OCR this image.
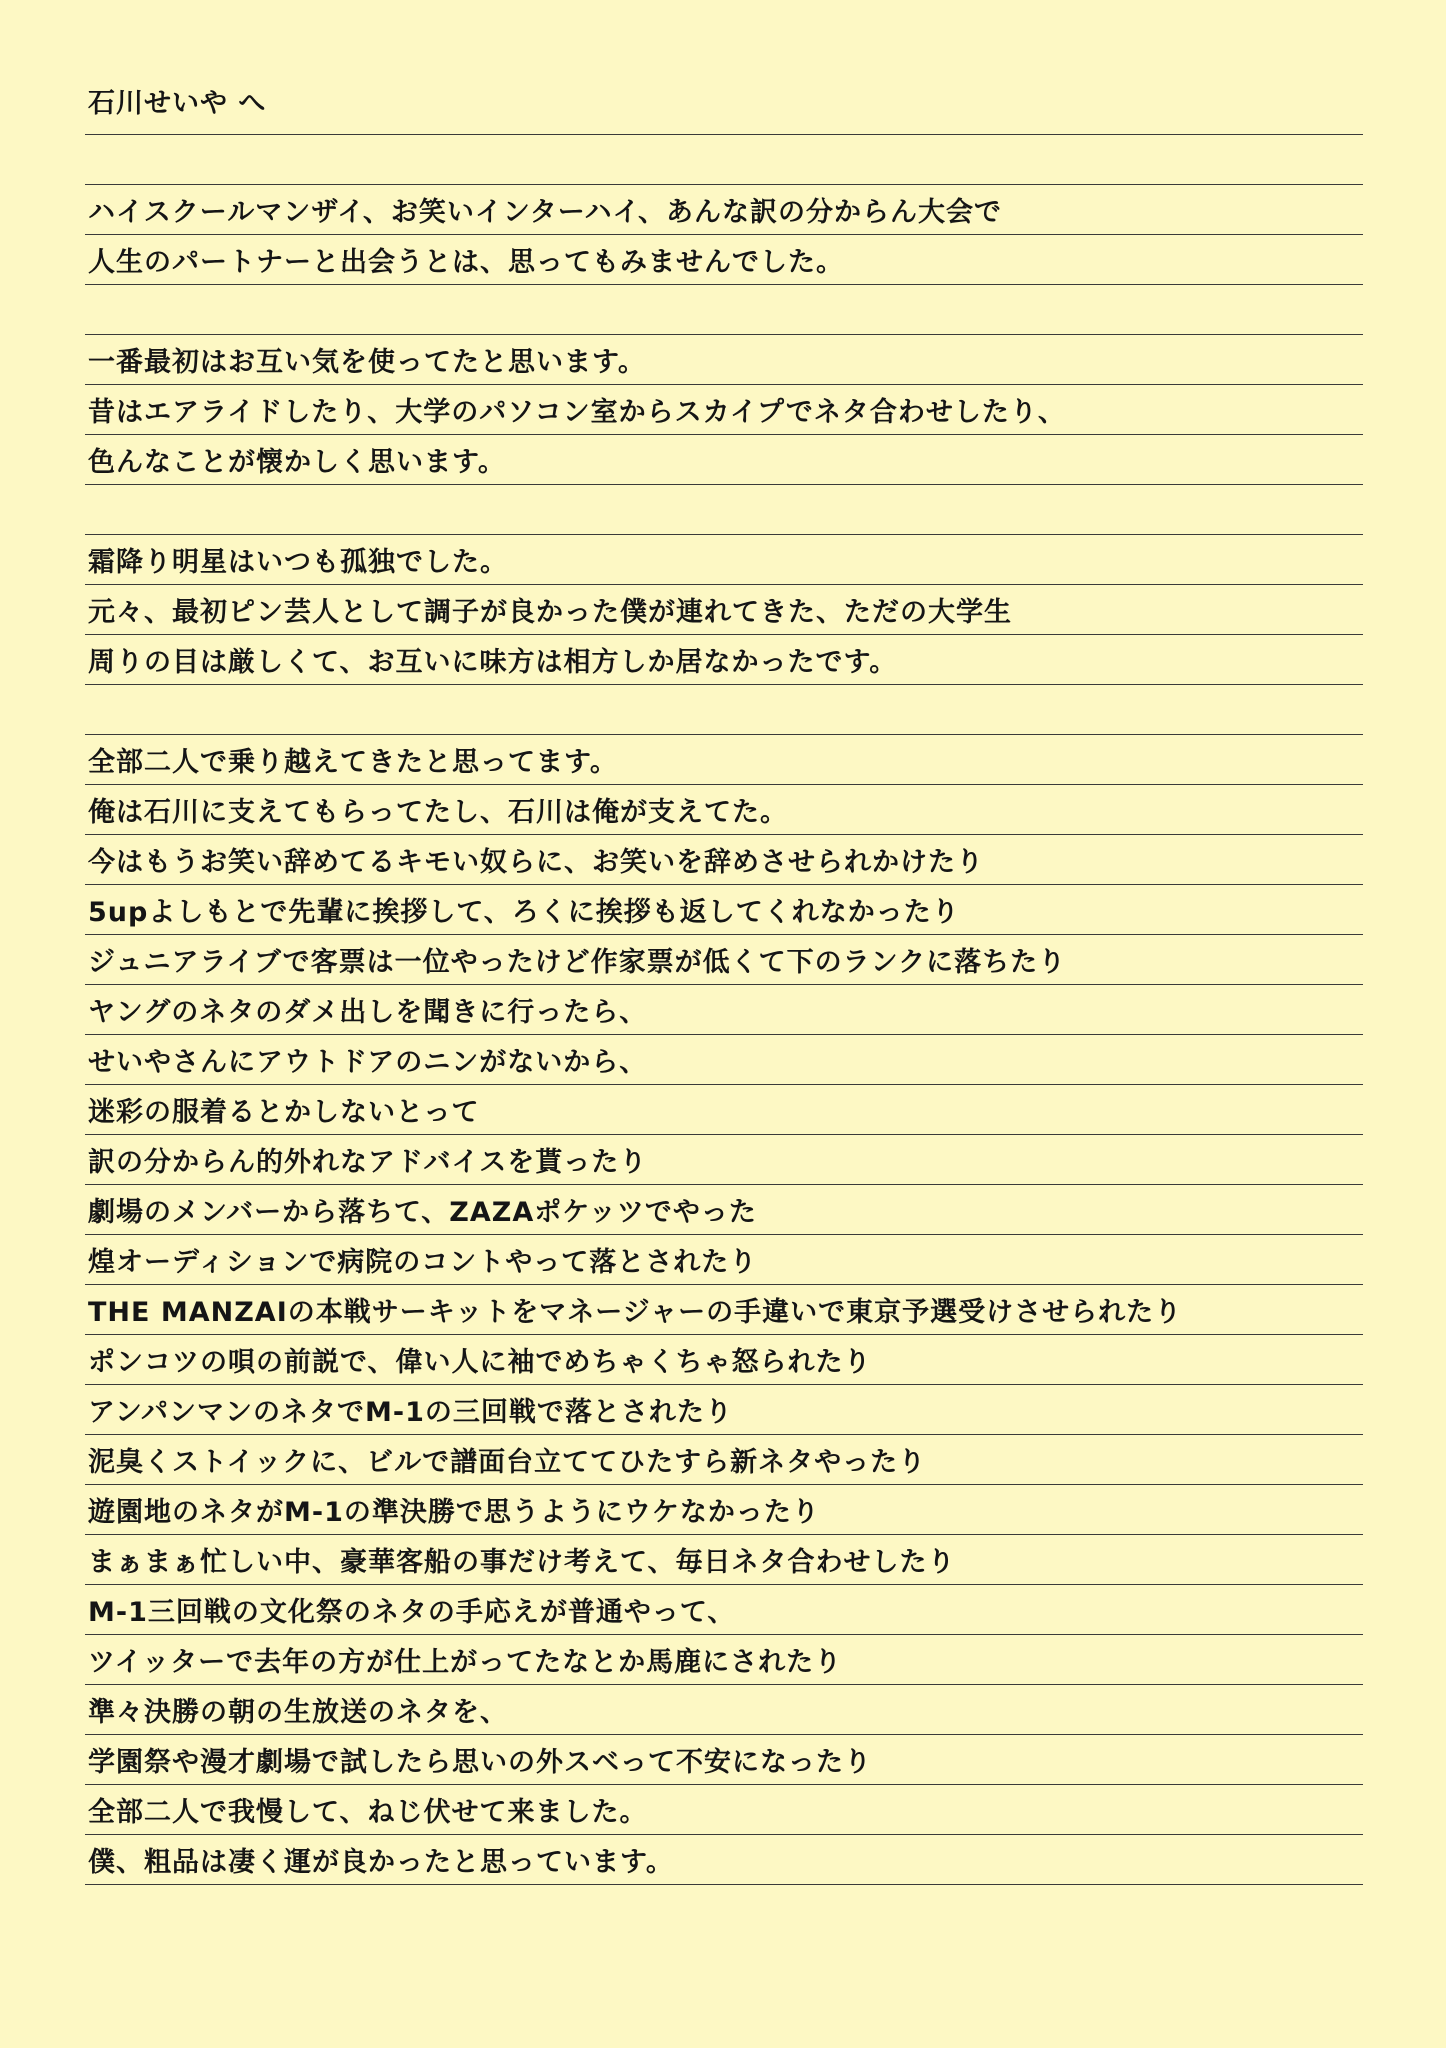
石川せいや へ
ハイスクールマンザイ、お笑いインターハイ、あんな訳の分からん大会で
人生のパートナーと出会うとは、思ってもみませんでした。
一番最初はお互い気を使ってたと思います。
昔はエアライドしたり、大学のパソコン室からスカイプでネタ合わせしたり、
色んなことが懐かしく思います。
霜降り明星はいつも孤独でした。
元々、最初ピン芸人として調子が良かった僕が連れてきた、ただの大学生
周りの目は厳しくて、お互いに味方は相方しか居なかったです。
全部二人で乗り越えてきたと思ってます。
俺は石川に支えてもらってたし、石川は俺が支えてた。
今はもうお笑い辞めてるキモい奴らに、お笑いを辞めさせられかけたり
5upよしもとで先輩に挨拶して、ろくに挨拶も返してくれなかったり
ジュニアライブで客票は一位やったけど作家票が低くて下のランクに落ちたり
ヤングのネタのダメ出しを聞きに行ったら、
せいやさんにアウトドアのニンがないから、
迷彩の服着るとかしないとって
訳の分からん的外れなアドバイスを貰ったり
劇場のメンバーから落ちて、ZAZAポケッツでやった
煌オーディションで病院のコントやって落とされたり
THE MANZAIの本戦サーキットをマネージャーの手違いで東京予選受けさせられたり
ポンコツの唄の前説で、偉い人に袖でめちゃくちゃ怒られたり
アンパンマンのネタでM-1の三回戦で落とされたり
泥臭くストイックに、ビルで譜面台立ててひたすら新ネタやったり
遊園地のネタがM-1の準決勝で思うようにウケなかったり
まぁまぁ忙しい中、豪華客船の事だけ考えて、毎日ネタ合わせしたり
M-1三回戦の文化祭のネタの手応えが普通やって、
ツイッターで去年の方が仕上がってたなとか馬鹿にされたり
準々決勝の朝の生放送のネタを、
学園祭や漫才劇場で試したら思いの外スベって不安になったり
全部二人で我慢して、ねじ伏せて来ました。
僕、粗品は凄く運が良かったと思っています。
